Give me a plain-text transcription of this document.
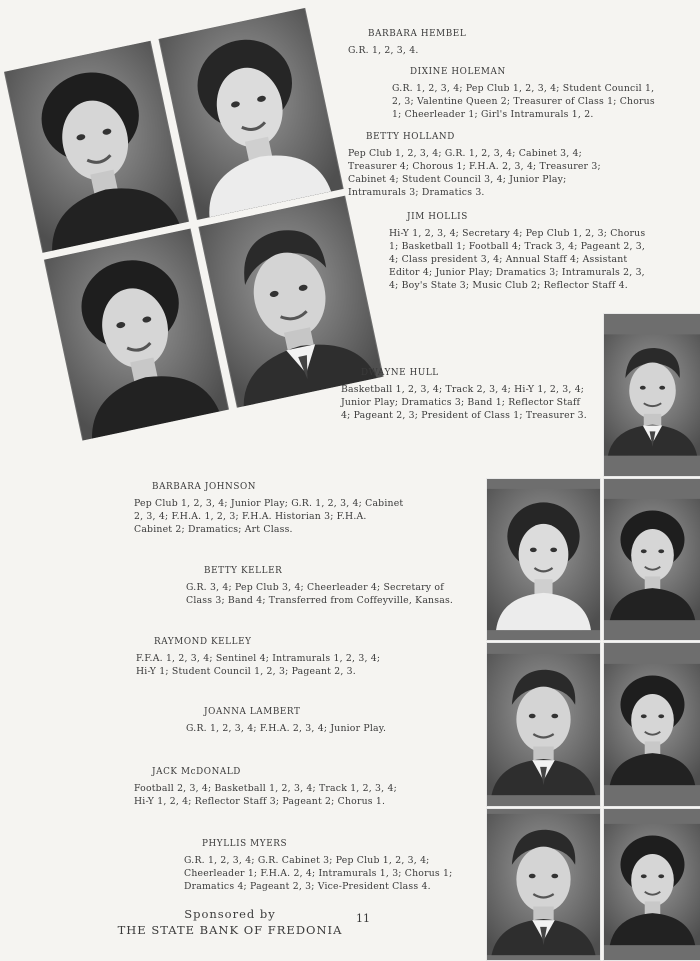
BARBARA HEMBEL
G.R. 1, 2, 3, 4.
DIXINE HOLEMAN
G.R. 1, 2, 3, 4; Pep Club 1, 2, 3, 4; Student Council 1, 2, 3; Valentine Queen 2; Treasurer of Class 1; Chorus 1; Cheerleader 1; Girl's Intramurals 1, 2.
BETTY HOLLAND
Pep Club 1, 2, 3, 4; G.R. 1, 2, 3, 4; Cabinet 3, 4; Treasurer 4; Chorous 1; F.H.A. 2, 3, 4; Treasurer 3; Cabinet 4; Student Council 3, 4; Junior Play; Intramurals 3; Dramatics 3.
JIM HOLLIS
Hi-Y 1, 2, 3, 4; Secretary 4; Pep Club 1, 2, 3; Chorus 1; Basketball 1; Football 4; Track 3, 4; Pageant 2, 3, 4; Class president 3, 4; Annual Staff 4; Assistant Editor 4; Junior Play; Dramatics 3; Intramurals 2, 3, 4; Boy's State 3; Music Club 2; Reflector Staff 4.
DWAYNE HULL
Basketball 1, 2, 3, 4; Track 2, 3, 4; Hi-Y 1, 2, 3, 4; Junior Play; Dramatics 3; Band 1; Reflector Staff 4; Pageant 2, 3; President of Class 1; Treasurer 3.
BARBARA JOHNSON
Pep Club 1, 2, 3, 4; Junior Play; G.R. 1, 2, 3, 4; Cabinet 2, 3, 4; F.H.A. 1, 2, 3; F.H.A. Historian 3; F.H.A. Cabinet 2; Dramatics; Art Class.
BETTY KELLER
G.R. 3, 4; Pep Club 3, 4; Cheerleader 4; Secretary of Class 3; Band 4; Transferred from Coffeyville, Kansas.
RAYMOND KELLEY
F.F.A. 1, 2, 3, 4; Sentinel 4; Intramurals 1, 2, 3, 4; Hi-Y 1; Student Council 1, 2, 3; Pageant 2, 3.
JOANNA LAMBERT
G.R. 1, 2, 3, 4; F.H.A. 2, 3, 4; Junior Play.
JACK McDONALD
Football 2, 3, 4; Basketball 1, 2, 3, 4; Track 1, 2, 3, 4; Hi-Y 1, 2, 4; Reflector Staff 3; Pageant 2; Chorus 1.
PHYLLIS MYERS
G.R. 1, 2, 3, 4; G.R. Cabinet 3; Pep Club 1, 2, 3, 4; Cheerleader 1; F.H.A. 2, 4; Intramurals 1, 3; Chorus 1; Dramatics 4; Pageant 2, 3; Vice-President Class 4.
Sponsored by
THE STATE BANK OF FREDONIA
11
